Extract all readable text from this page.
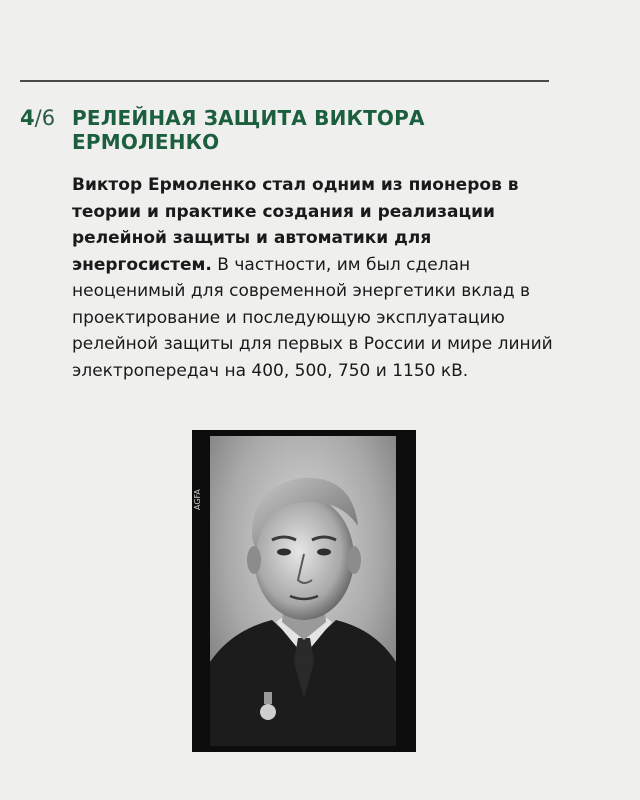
4/6 РЕЛЕЙНАЯ ЗАЩИТА ВИКТОРА ЕРМОЛЕНКО
Виктор Ермоленко стал одним из пионеров в теории и практике создания и реализации релейной защиты и автоматики для энергосистем. В частности, им был сделан неоценимый для современной энергетики вклад в проектирование и последующую эксплуатацию релейной защиты для первых в России и мире линий электропередач на 400, 500, 750 и 1150 кВ.
AGFA
